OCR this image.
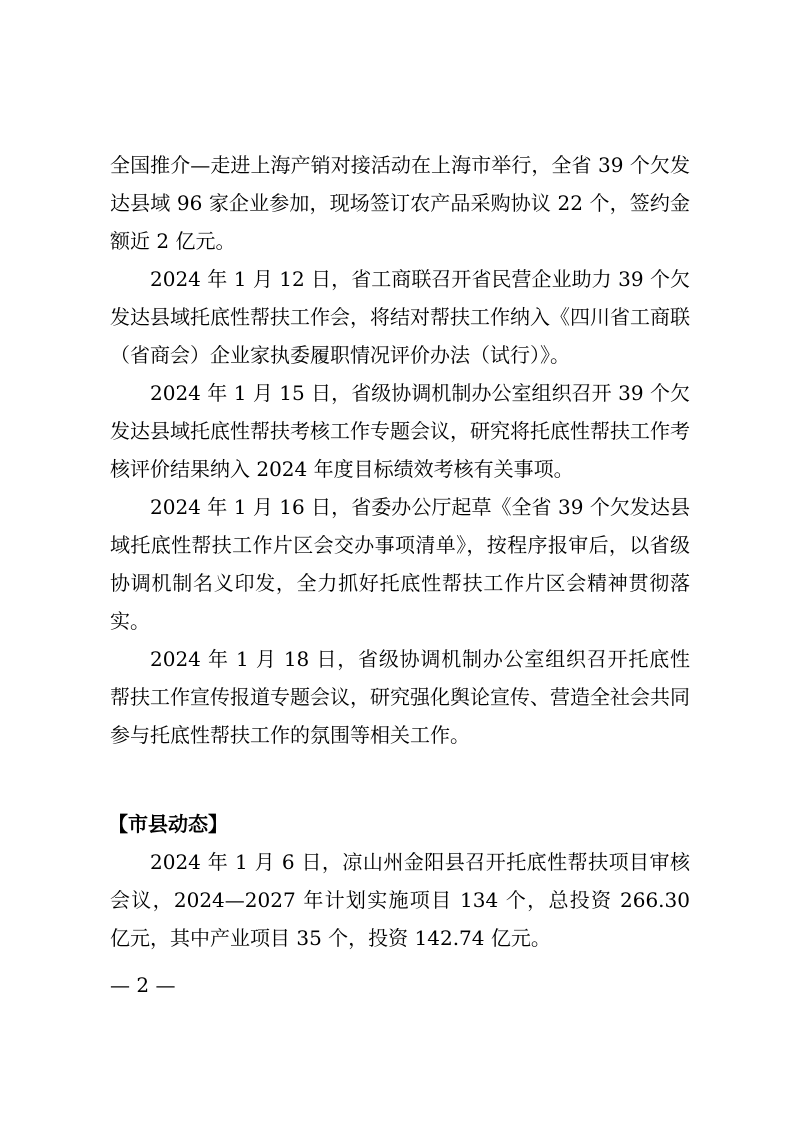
全国推介—走进上海产销对接活动在上海市举行，全省 39 个欠发达县域 96 家企业参加，现场签订农产品采购协议 22 个，签约金额近 2 亿元。

2024 年 1 月 12 日，省工商联召开省民营企业助力 39 个欠发达县域托底性帮扶工作会，将结对帮扶工作纳入《四川省工商联（省商会）企业家执委履职情况评价办法（试行）》。

2024 年 1 月 15 日，省级协调机制办公室组织召开 39 个欠发达县域托底性帮扶考核工作专题会议，研究将托底性帮扶工作考核评价结果纳入 2024 年度目标绩效考核有关事项。

2024 年 1 月 16 日，省委办公厅起草《全省 39 个欠发达县域托底性帮扶工作片区会交办事项清单》，按程序报审后，以省级协调机制名义印发，全力抓好托底性帮扶工作片区会精神贯彻落实。

2024 年 1 月 18 日，省级协调机制办公室组织召开托底性帮扶工作宣传报道专题会议，研究强化舆论宣传、营造全社会共同参与托底性帮扶工作的氛围等相关工作。

【市县动态】

2024 年 1 月 6 日，凉山州金阳县召开托底性帮扶项目审核会议，2024—2027 年计划实施项目 134 个，总投资 266.30 亿元，其中产业项目 35 个，投资 142.74 亿元。

— 2 —
